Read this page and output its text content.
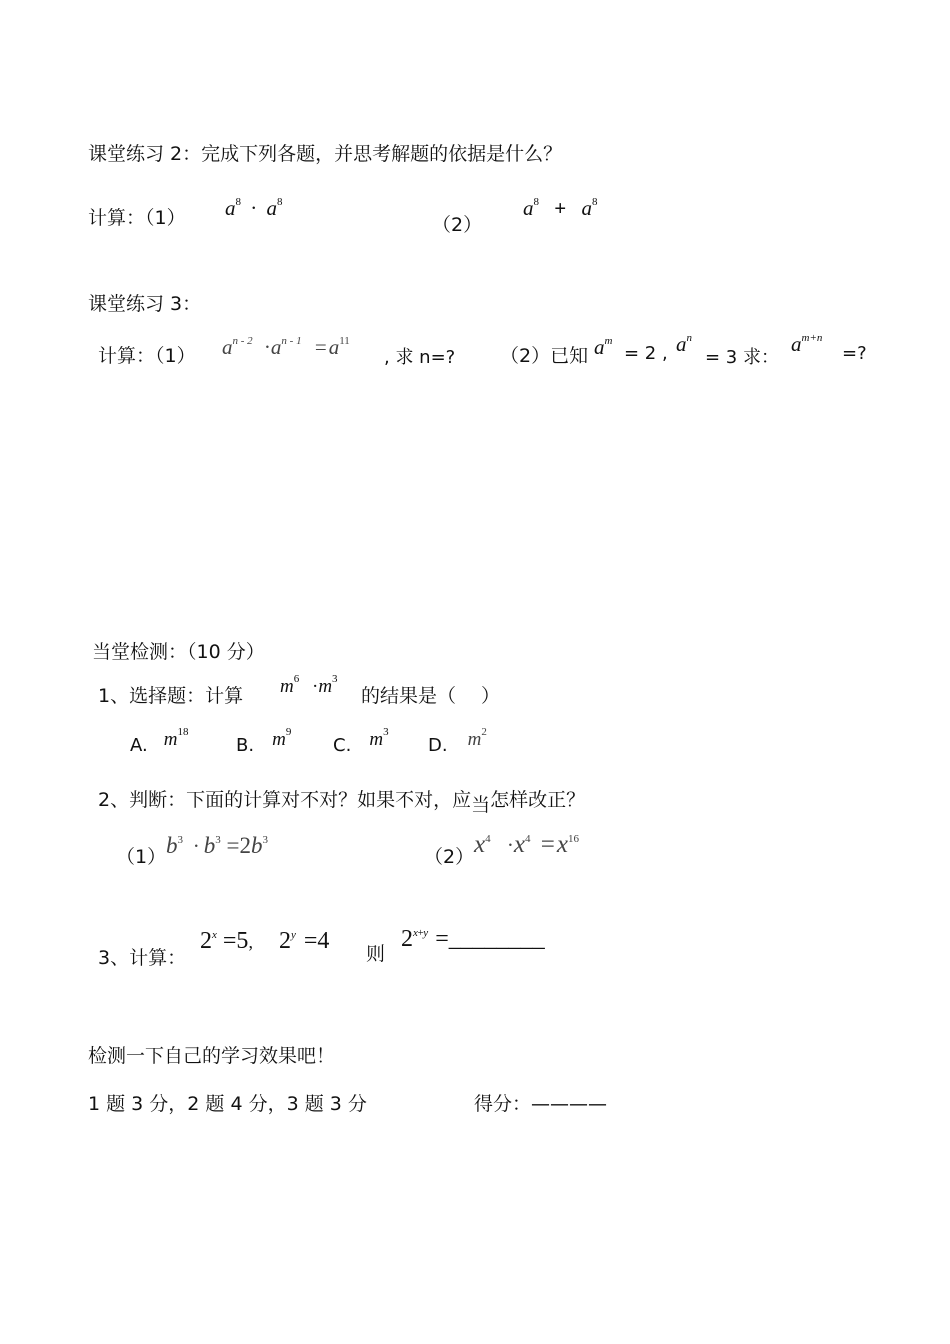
课堂练习 2：完成下列各题，并思考解题的依据是什么？
计算：（1） $a^8 \cdot a^8$
（2）
$a^8 + a^8$
课堂练习 3：
计算：（1） $a^{n - 2} \cdot a^{n - 1} =a^{11}$
, 求 n=? （2）已知 $a^m$
= 2 , $a^n$
= 3 求：
$a^{m+n}$
=?
当堂检测：（10 分）
1、选择题：计算 $m^6 \cdot m^3$
的结果是（　 ）
A. $m^{18}$
B. $m^9$
C. $m^3$
D. $m^2$
2、判断：下面的计算对不对？如果不对，应当怎样改正？
（1） $b^3 \cdot b^3 =2b^3$
（2） $x^4 \cdot x^4 =x^{16}$
3、计算：
$2^x =5$, $2^y =4$ 则
$2^{x+y}$ =________
检测一下自己的学习效果吧！
1 题 3 分，2 题 4 分，3 题 3 分	得分：————
